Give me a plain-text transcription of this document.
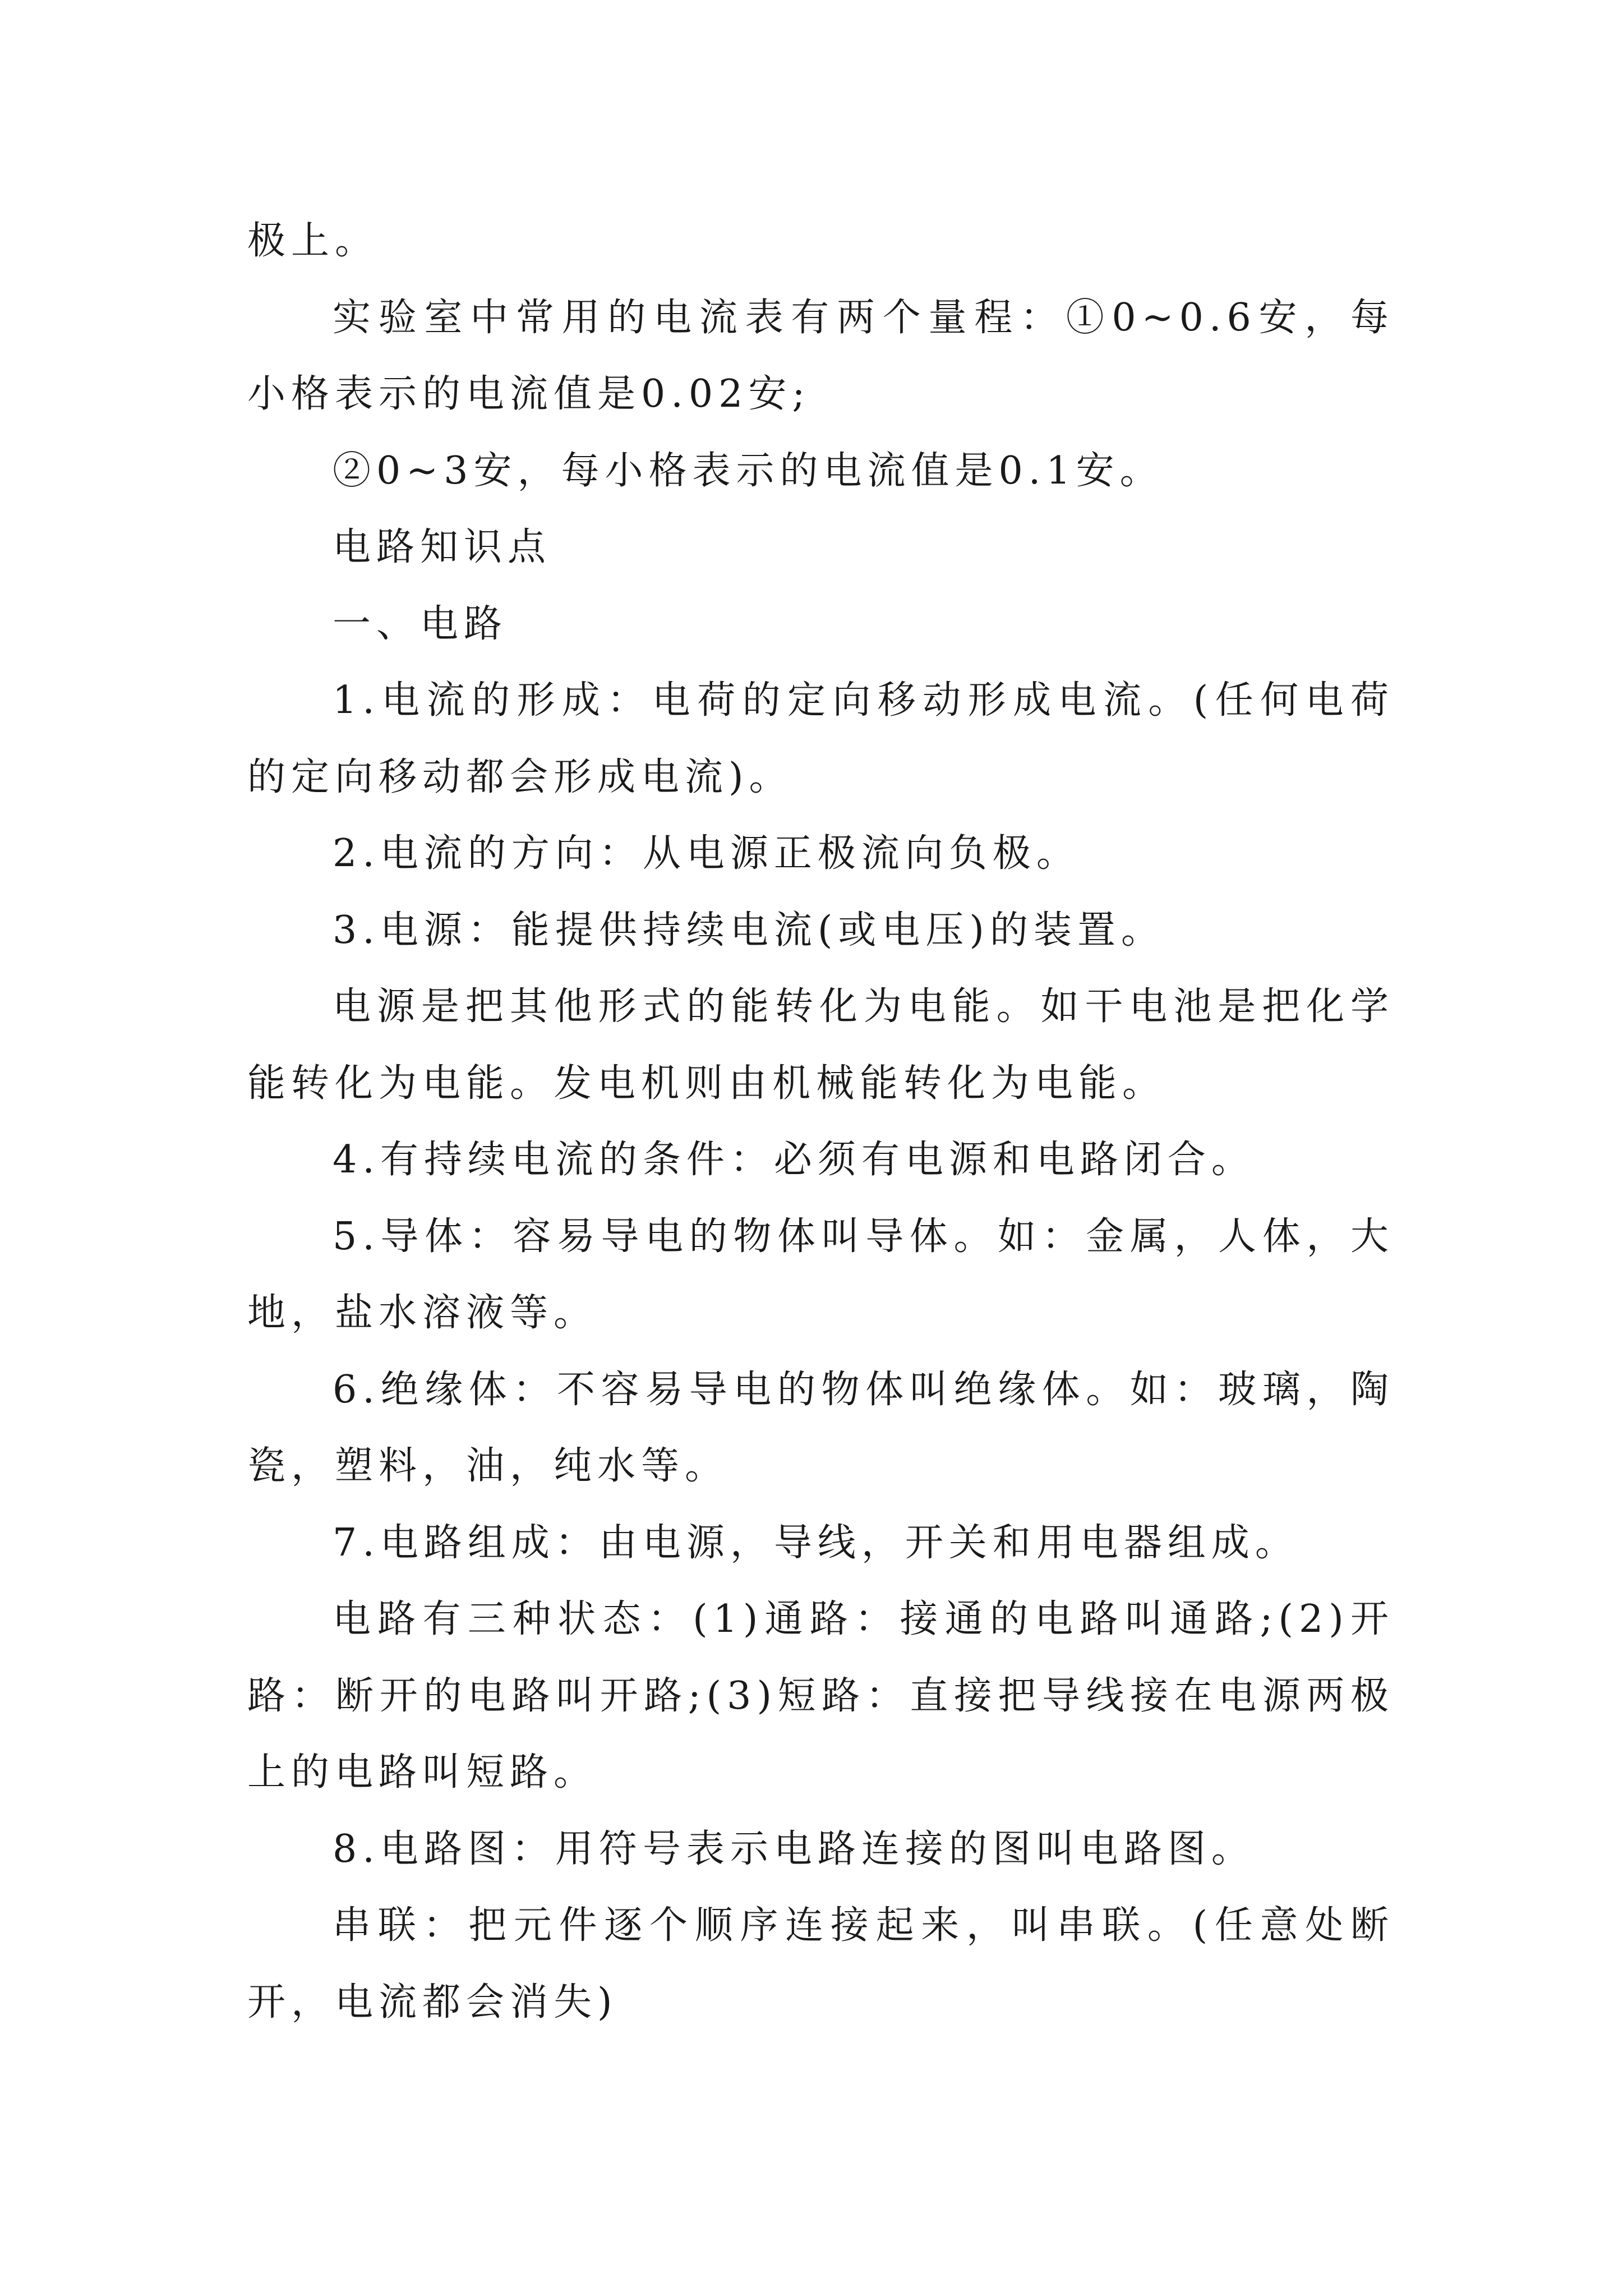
极上。

实验室中常用的电流表有两个量程：①0~0.6安，每小格表示的电流值是0.02安;

②0~3安，每小格表示的电流值是0.1安。

电路知识点

一、电路

1.电流的形成：电荷的定向移动形成电流。(任何电荷的定向移动都会形成电流)。

2.电流的方向：从电源正极流向负极。

3.电源：能提供持续电流(或电压)的装置。

电源是把其他形式的能转化为电能。如干电池是把化学能转化为电能。发电机则由机械能转化为电能。

4.有持续电流的条件：必须有电源和电路闭合。

5.导体：容易导电的物体叫导体。如：金属，人体，大地，盐水溶液等。

6.绝缘体：不容易导电的物体叫绝缘体。如：玻璃，陶瓷，塑料，油，纯水等。

7.电路组成：由电源，导线，开关和用电器组成。

电路有三种状态：(1)通路：接通的电路叫通路;(2)开路：断开的电路叫开路;(3)短路：直接把导线接在电源两极上的电路叫短路。

8.电路图：用符号表示电路连接的图叫电路图。

串联：把元件逐个顺序连接起来，叫串联。(任意处断开，电流都会消失)
